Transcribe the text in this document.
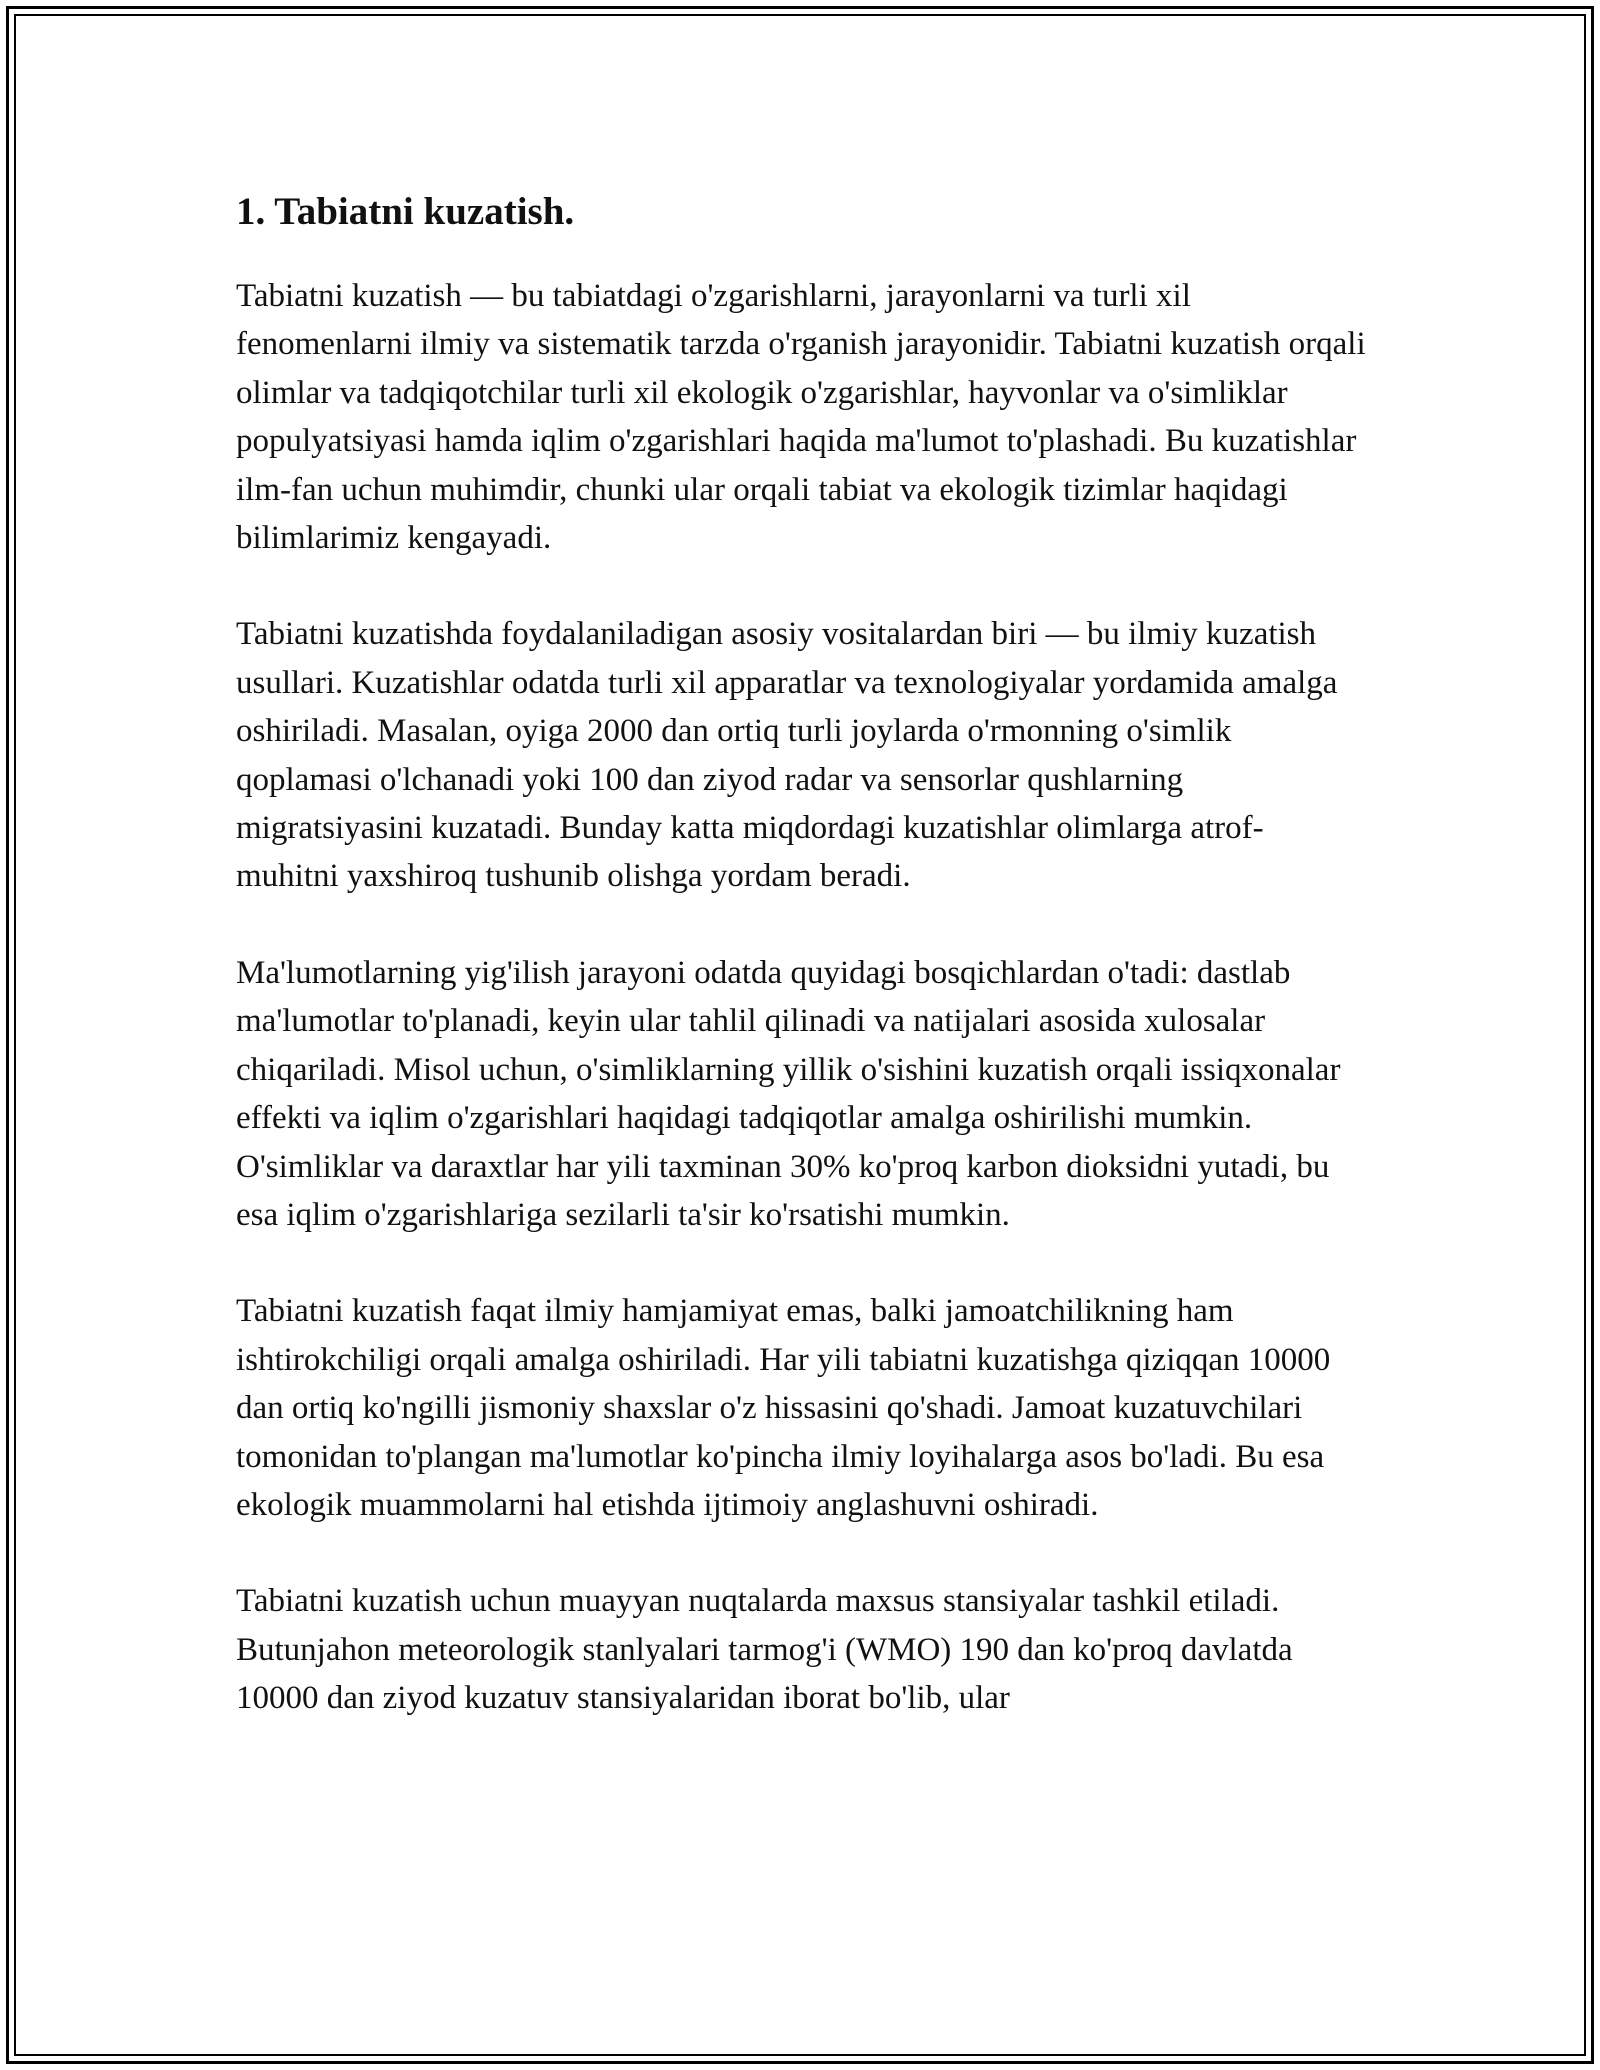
1. Tabiatni kuzatish.

Tabiatni kuzatish — bu tabiatdagi o'zgarishlarni, jarayonlarni va turli xil fenomenlarni ilmiy va sistematik tarzda o'rganish jarayonidir. Tabiatni kuzatish orqali olimlar va tadqiqotchilar turli xil ekologik o'zgarishlar, hayvonlar va o'simliklar populyatsiyasi hamda iqlim o'zgarishlari haqida ma'lumot to'plashadi. Bu kuzatishlar ilm-fan uchun muhimdir, chunki ular orqali tabiat va ekologik tizimlar haqidagi bilimlarimiz kengayadi.

Tabiatni kuzatishda foydalaniladigan asosiy vositalardan biri — bu ilmiy kuzatish usullari. Kuzatishlar odatda turli xil apparatlar va texnologiyalar yordamida amalga oshiriladi. Masalan, oyiga 2000 dan ortiq turli joylarda o'rmonning o'simlik qoplamasi o'lchanadi yoki 100 dan ziyod radar va sensorlar qushlarning migratsiyasini kuzatadi. Bunday katta miqdordagi kuzatishlar olimlarga atrof-muhitni yaxshiroq tushunib olishga yordam beradi.

Ma'lumotlarning yig'ilish jarayoni odatda quyidagi bosqichlardan o'tadi: dastlab ma'lumotlar to'planadi, keyin ular tahlil qilinadi va natijalari asosida xulosalar chiqariladi. Misol uchun, o'simliklarning yillik o'sishini kuzatish orqali issiqxonalar effekti va iqlim o'zgarishlari haqidagi tadqiqotlar amalga oshirilishi mumkin. O'simliklar va daraxtlar har yili taxminan 30% ko'proq karbon dioksidni yutadi, bu esa iqlim o'zgarishlariga sezilarli ta'sir ko'rsatishi mumkin.

Tabiatni kuzatish faqat ilmiy hamjamiyat emas, balki jamoatchilikning ham ishtirokchiligi orqali amalga oshiriladi. Har yili tabiatni kuzatishga qiziqqan 10000 dan ortiq ko'ngilli jismoniy shaxslar o'z hissasini qo'shadi. Jamoat kuzatuvchilari tomonidan to'plangan ma'lumotlar ko'pincha ilmiy loyihalarga asos bo'ladi. Bu esa ekologik muammolarni hal etishda ijtimoiy anglashuvni oshiradi.

Tabiatni kuzatish uchun muayyan nuqtalarda maxsus stansiyalar tashkil etiladi. Butunjahon meteorologik stanlyalari tarmog'i (WMO) 190 dan ko'proq davlatda 10000 dan ziyod kuzatuv stansiyalaridan iborat bo'lib, ular
